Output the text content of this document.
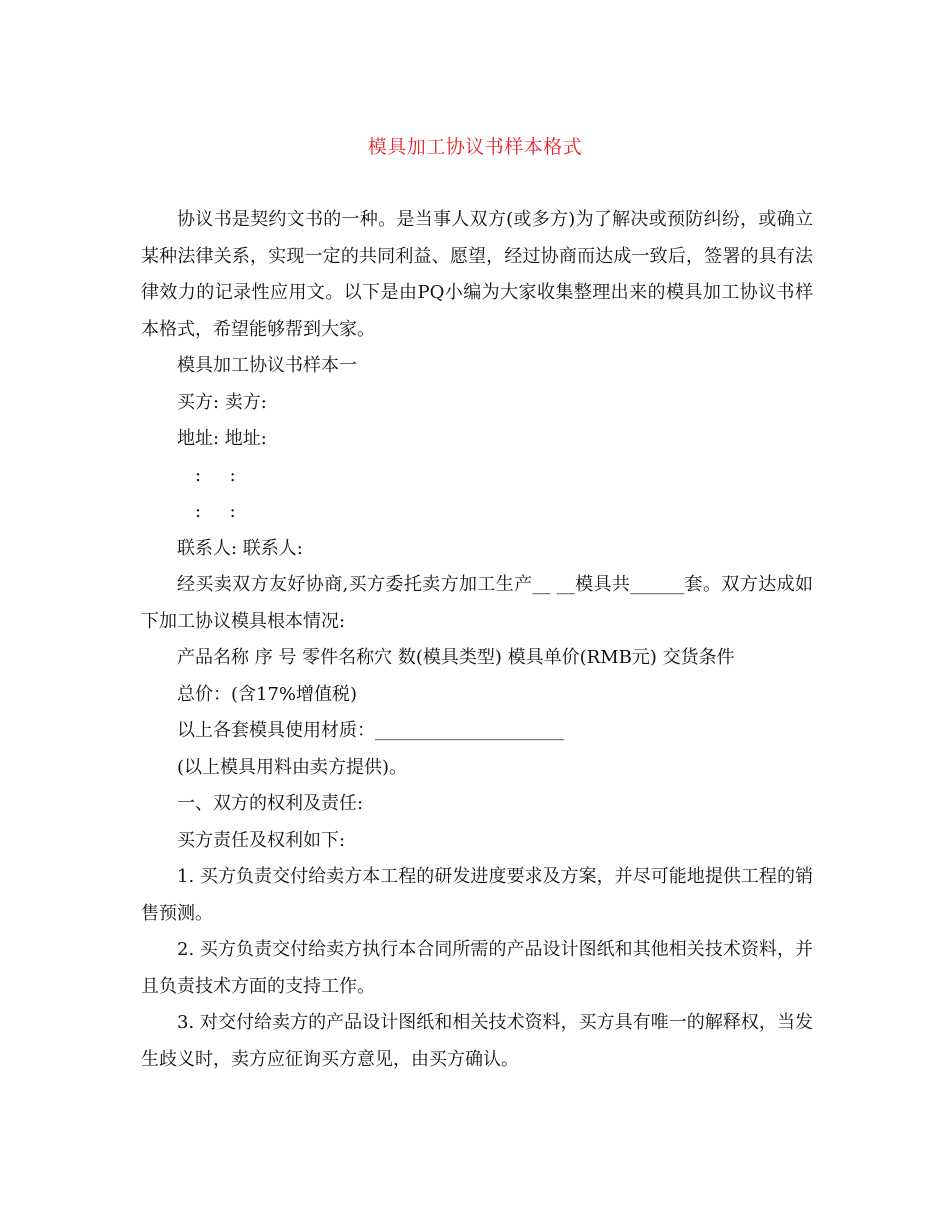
模具加工协议书样本格式

协议书是契约文书的一种。是当事人双方(或多方)为了解决或预防纠纷，或确立某种法律关系，实现一定的共同利益、愿望，经过协商而达成一致后，签署的具有法律效力的记录性应用文。以下是由PQ小编为大家收集整理出来的模具加工协议书样本格式，希望能够帮到大家。

模具加工协议书样本一

买方: 卖方:

地址: 地址:

:     :

:     :

联系人: 联系人:

经买卖双方友好协商,买方委托卖方加工生产__ __模具共______套。双方达成如下加工协议模具根本情况:

产品名称 序 号 零件名称穴 数(模具类型) 模具单价(RMB元) 交货条件

总价：(含17%增值税)

以上各套模具使用材质：_____________________

(以上模具用料由卖方提供)。

一、双方的权利及责任:

买方责任及权利如下:

1. 买方负责交付给卖方本工程的研发进度要求及方案，并尽可能地提供工程的销售预测。

2. 买方负责交付给卖方执行本合同所需的产品设计图纸和其他相关技术资料，并且负责技术方面的支持工作。

3. 对交付给卖方的产品设计图纸和相关技术资料，买方具有唯一的解释权，当发生歧义时，卖方应征询买方意见，由买方确认。
